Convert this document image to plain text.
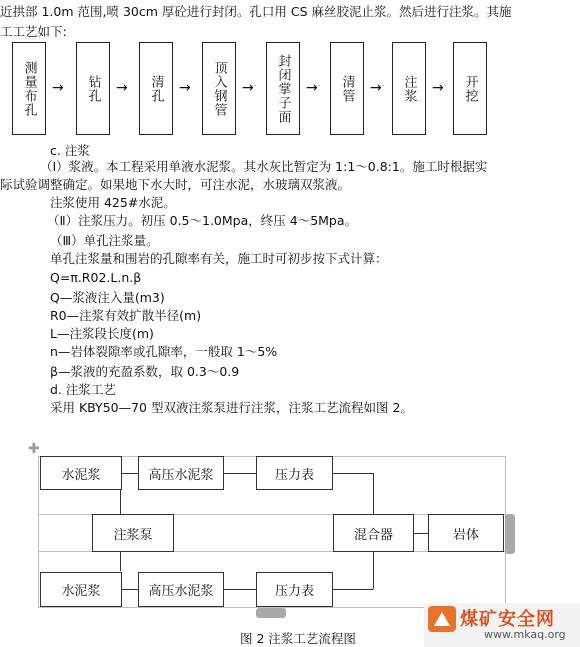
近拱部 1.0m 范围,喷 30cm 厚砼进行封闭。孔口用 CS 麻丝胶泥止浆。然后进行注浆。其施
工工艺如下:
测量布孔	→	钻孔	→	清孔	→	顶入钢管	→	封闭掌子面	→	清管	→	注浆	→	开挖
c. 注浆
（Ⅰ）浆液。本工程采用单液水泥浆。其水灰比暂定为 1:1～0.8:1。施工时根据实
际试验调整确定。如果地下水大时，可注水泥，水玻璃双浆液。
注浆使用 425#水泥。
（Ⅱ）注浆压力。初压 0.5～1.0Mpa，终压 4～5Mpa。
（Ⅲ）单孔注浆量。
单孔注浆量和围岩的孔隙率有关，施工时可初步按下式计算：
Q=π.R02.L.n.β
Q—浆液注入量(m3)
R0—注浆有效扩散半径(m)
L—注浆段长度(m)
n—岩体裂隙率或孔隙率，一般取 1～5%
β—浆液的充盈系数，取 0.3～0.9
d. 注浆工艺
采用 KBY50—70 型双液注浆泵进行注浆，注浆工艺流程如图 2。
✚
水泥浆	高压水泥浆	压力表
注浆泵	混合器	岩体
水泥浆	高压水泥浆	压力表
图 2 注浆工艺流程图
煤矿安全网
www.mkaq.org
